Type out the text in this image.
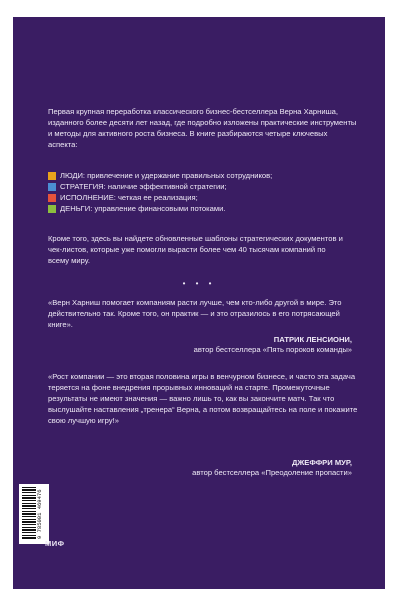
Первая крупная переработка классического бизнес-бестселлера Верна Харниша, изданного более десяти лет назад, где подробно изложены практические инструменты и методы для активного роста бизнеса. В книге разбираются четыре ключевых аспекта:
ЛЮДИ: привлечение и удержание правильных сотрудников;
СТРАТЕГИЯ: наличие эффективной стратегии;
ИСПОЛНЕНИЕ: четкая ее реализация;
ДЕНЬГИ: управление финансовыми потоками.
Кроме того, здесь вы найдете обновленные шаблоны стратегических документов и чек-листов, которые уже помогли вырасти более чем 40 тысячам компаний по всему миру.
• • •
«Верн Харниш помогает компаниям расти лучше, чем кто-либо другой в мире. Это действительно так. Кроме того, он практик — и это отразилось в его потрясающей книге».
ПАТРИК ЛЕНСИОНИ,
автор бестселлера «Пять пороков команды»
«Рост компании — это вторая половина игры в венчурном бизнесе, и часто эта задача теряется на фоне внедрения прорывных инноваций на старте. Промежуточные результаты не имеют значения — важно лишь то, как вы закончите матч. Так что выслушайте наставления „тренера“ Верна, а потом возвращайтесь на поле и покажите свою лучшую игру!»
ДЖЕФФРИ МУР,
автор бестселлера «Преодоление пропасти»
9 785001 469476
МИФ
